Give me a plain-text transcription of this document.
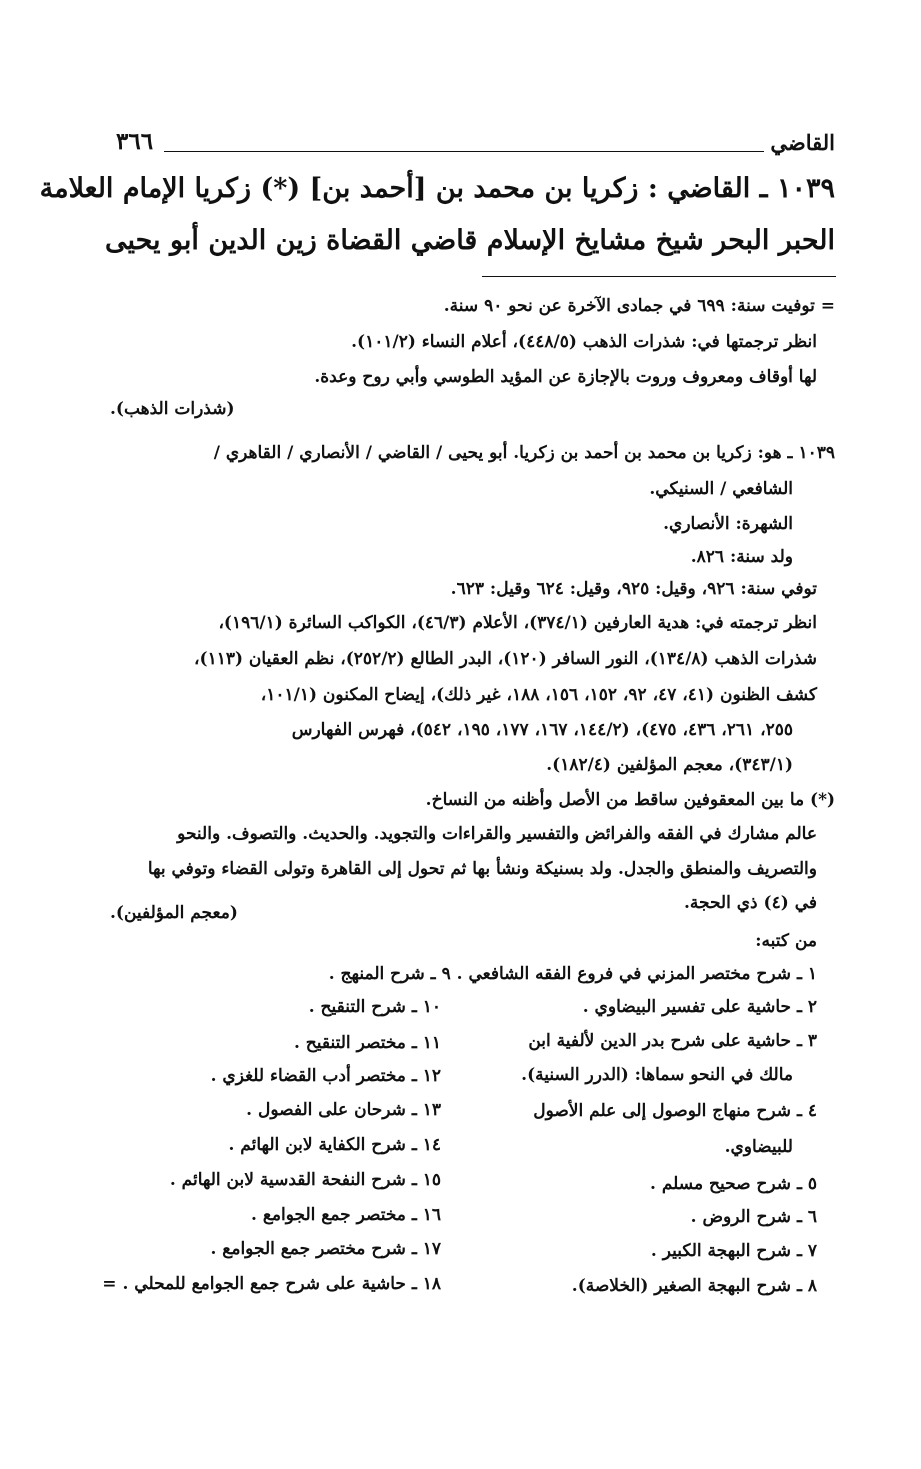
القاضي
٣٦٦
١٠٣٩ ـ القاضي : زكريا بن محمد بن [أحمد بن] (*) زكريا الإمام العلامة
الحبر البحر شيخ مشايخ الإسلام قاضي القضاة زين الدين أبو يحيى
= توفيت سنة: ٦٩٩ في جمادى الآخرة عن نحو ٩٠ سنة.
انظر ترجمتها في: شذرات الذهب (٤٤٨/٥)، أعلام النساء (١٠١/٢).
لها أوقاف ومعروف وروت بالإجازة عن المؤيد الطوسي وأبي روح وعدة.
(شذرات الذهب).
١٠٣٩ ـ هو: زكريا بن محمد بن أحمد بن زكريا. أبو يحيى / القاضي / الأنصاري / القاهري /
الشافعي / السنيكي.
الشهرة: الأنصاري.
ولد سنة: ٨٢٦.
توفي سنة: ٩٢٦، وقيل: ٩٢٥، وقيل: ٦٢٤ وقيل: ٦٢٣.
انظر ترجمته في: هدية العارفين (٣٧٤/١)، الأعلام (٤٦/٣)، الكواكب السائرة (١٩٦/١)،
شذرات الذهب (١٣٤/٨)، النور السافر (١٢٠)، البدر الطالع (٢٥٢/٢)، نظم العقيان (١١٣)،
كشف الظنون (٤١، ٤٧، ٩٢، ١٥٢، ١٥٦، ١٨٨، غير ذلك)، إيضاح المكنون (١٠١/١،
٢٥٥، ٢٦١، ٤٣٦، ٤٧٥)، (١٤٤/٢، ١٦٧، ١٧٧، ١٩٥، ٥٤٢)، فهرس الفهارس
(٣٤٣/١)، معجم المؤلفين (١٨٢/٤).
(*) ما بين المعقوفين ساقط من الأصل وأظنه من النساخ.
عالم مشارك في الفقه والفرائض والتفسير والقراءات والتجويد. والحديث. والتصوف. والنحو
والتصريف والمنطق والجدل. ولد بسنيكة ونشأ بها ثم تحول إلى القاهرة وتولى القضاء وتوفي بها
في (٤) ذي الحجة.
(معجم المؤلفين).
من كتبه:
١ ـ شرح مختصر المزني في فروع الفقه الشافعي . ٩ ـ شرح المنهج .
٢ ـ حاشية على تفسير البيضاوي .
٣ ـ حاشية على شرح بدر الدين لألفية ابن
مالك في النحو سماها: (الدرر السنية).
٤ ـ شرح منهاج الوصول إلى علم الأصول
للبيضاوي.
٥ ـ شرح صحيح مسلم .
٦ ـ شرح الروض .
٧ ـ شرح البهجة الكبير .
٨ ـ شرح البهجة الصغير (الخلاصة).
١٠ ـ شرح التنقيح .
١١ ـ مختصر التنقيح .
١٢ ـ مختصر أدب القضاء للغزي .
١٣ ـ شرحان على الفصول .
١٤ ـ شرح الكفاية لابن الهائم .
١٥ ـ شرح النفحة القدسية لابن الهائم .
١٦ ـ مختصر جمع الجوامع .
١٧ ـ شرح مختصر جمع الجوامع .
١٨ ـ حاشية على شرح جمع الجوامع للمحلي . =
